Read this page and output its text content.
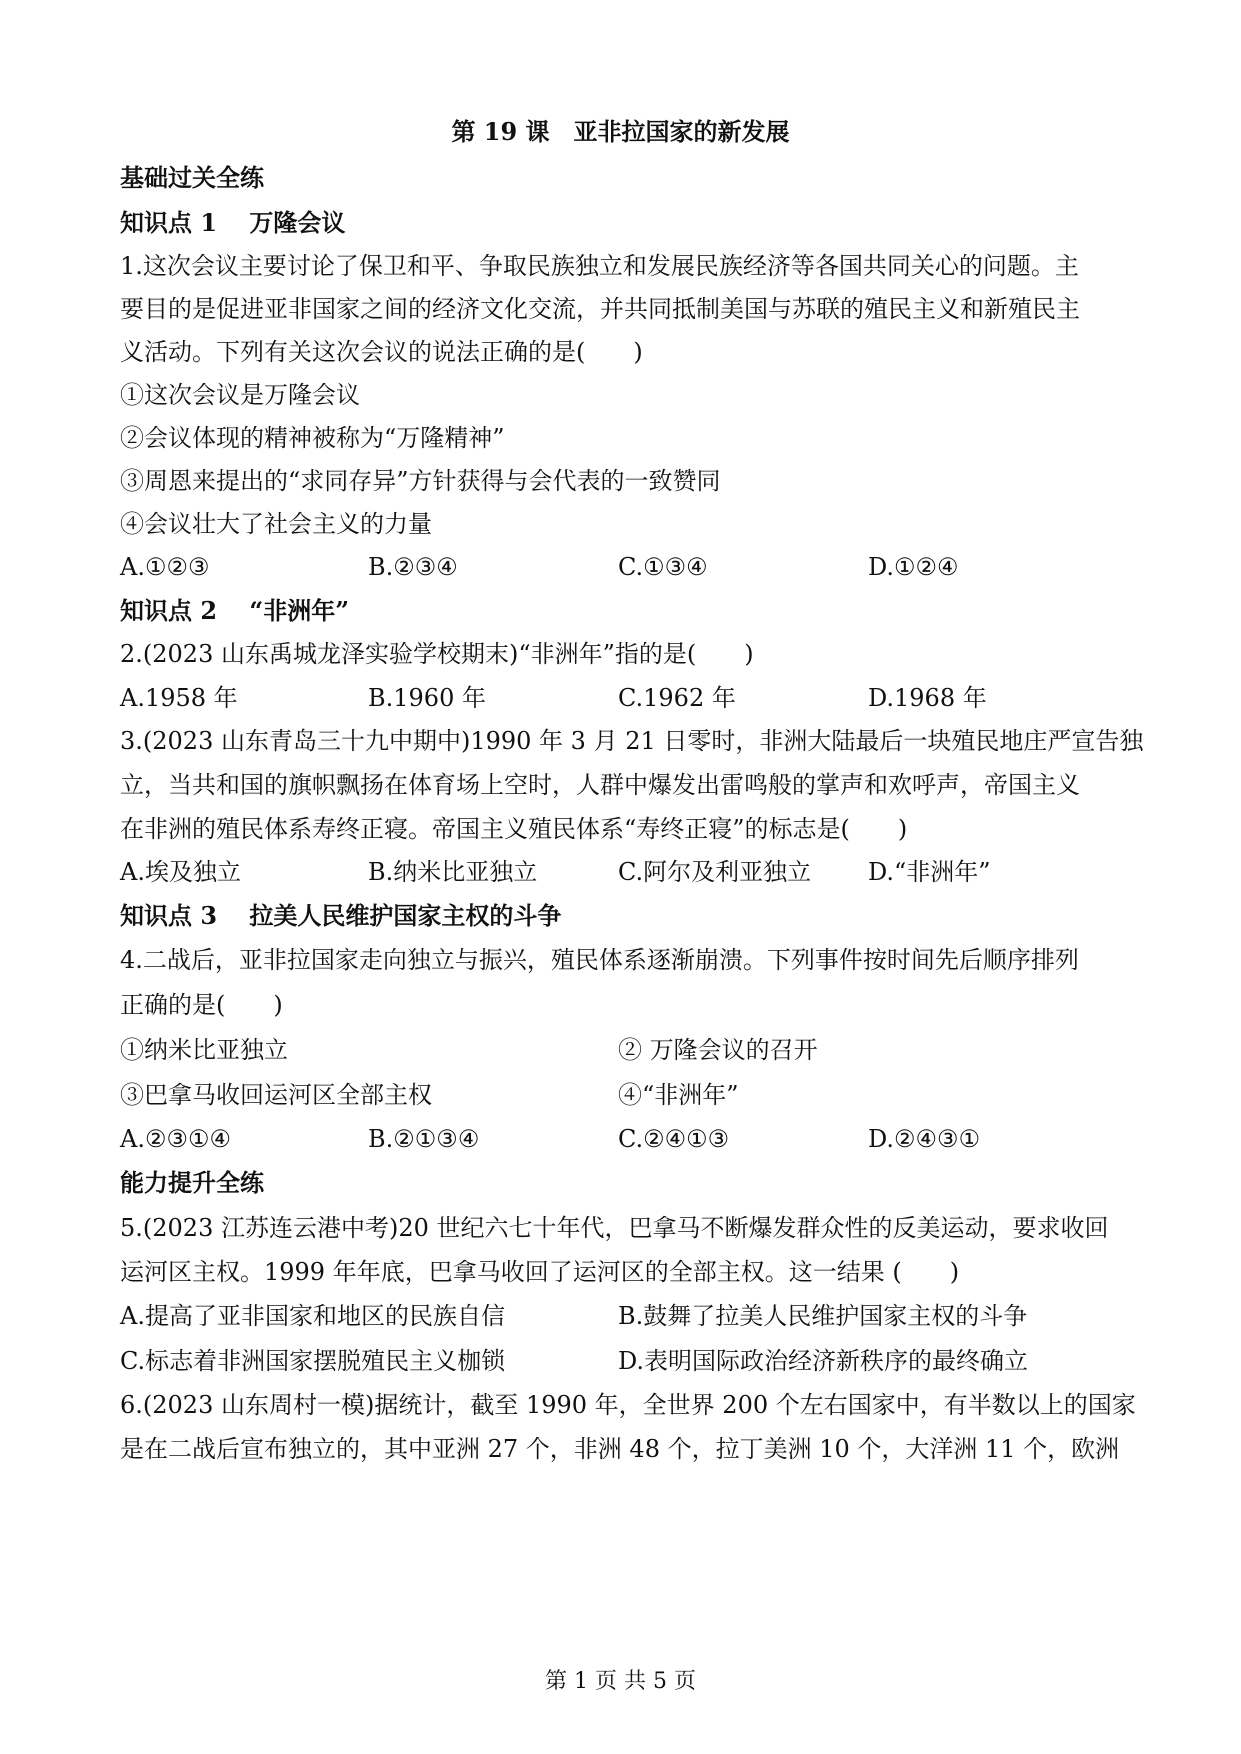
第 19 课　亚非拉国家的新发展
基础过关全练
知识点 1　 万隆会议
1.这次会议主要讨论了保卫和平、争取民族独立和发展民族经济等各国共同关心的问题。主
要目的是促进亚非国家之间的经济文化交流，并共同抵制美国与苏联的殖民主义和新殖民主
义活动。下列有关这次会议的说法正确的是(　　)
①这次会议是万隆会议
②会议体现的精神被称为“万隆精神”
③周恩来提出的“求同存异”方针获得与会代表的一致赞同
④会议壮大了社会主义的力量
A.①②③	B.②③④	C.①③④	D.①②④
知识点 2　 “非洲年”
2.(2023 山东禹城龙泽实验学校期末)“非洲年”指的是(　　)
A.1958 年	B.1960 年	C.1962 年	D.1968 年
3.(2023 山东青岛三十九中期中)1990 年 3 月 21 日零时，非洲大陆最后一块殖民地庄严宣告独
立，当共和国的旗帜飘扬在体育场上空时，人群中爆发出雷鸣般的掌声和欢呼声，帝国主义
在非洲的殖民体系寿终正寝。帝国主义殖民体系“寿终正寝”的标志是(　　)
A.埃及独立	B.纳米比亚独立	C.阿尔及利亚独立 D.“非洲年”
知识点 3　 拉美人民维护国家主权的斗争
4.二战后，亚非拉国家走向独立与振兴，殖民体系逐渐崩溃。下列事件按时间先后顺序排列
正确的是(　　)
①纳米比亚独立	② 万隆会议的召开
③巴拿马收回运河区全部主权	④“非洲年”
A.②③①④	B.②①③④	C.②④①③	D.②④③①
能力提升全练
5.(2023 江苏连云港中考)20 世纪六七十年代，巴拿马不断爆发群众性的反美运动，要求收回
运河区主权。1999 年年底，巴拿马收回了运河区的全部主权。这一结果 (　　)
A.提高了亚非国家和地区的民族自信	B.鼓舞了拉美人民维护国家主权的斗争
C.标志着非洲国家摆脱殖民主义枷锁	D.表明国际政治经济新秩序的最终确立
6.(2023 山东周村一模)据统计，截至 1990 年，全世界 200 个左右国家中，有半数以上的国家
是在二战后宣布独立的，其中亚洲 27 个，非洲 48 个，拉丁美洲 10 个，大洋洲 11 个，欧洲
第 1 页 共 5 页
